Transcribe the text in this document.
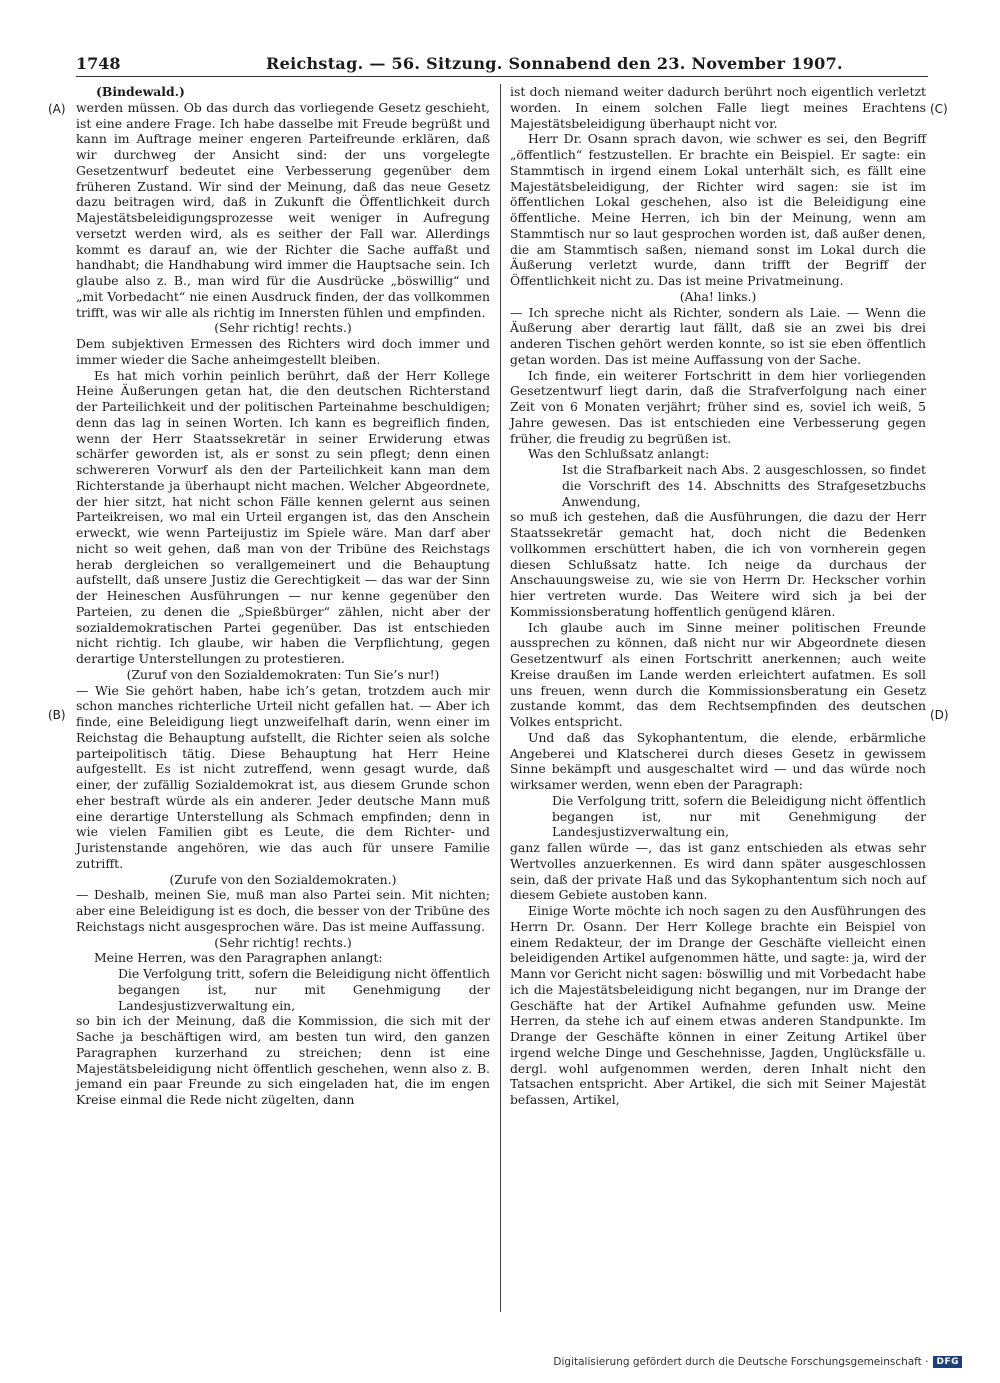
1748	Reichstag. — 56. Sitzung. Sonnabend den 23. November 1907.
(A)
(B)
(C)
(D)

(Bindewald.)

werden müssen. Ob das durch das vorliegende Gesetz geschieht, ist eine andere Frage. Ich habe dasselbe mit Freude begrüßt und kann im Auftrage meiner engeren Parteifreunde erklären, daß wir durchweg der Ansicht sind: der uns vorgelegte Gesetzentwurf bedeutet eine Verbesserung gegenüber dem früheren Zustand. Wir sind der Meinung, daß das neue Gesetz dazu beitragen wird, daß in Zukunft die Öffentlichkeit durch Majestätsbeleidigungsprozesse weit weniger in Aufregung versetzt werden wird, als es seither der Fall war. Allerdings kommt es darauf an, wie der Richter die Sache auffaßt und handhabt; die Handhabung wird immer die Hauptsache sein. Ich glaube also z. B., man wird für die Ausdrücke „böswillig“ und „mit Vorbedacht“ nie einen Ausdruck finden, der das vollkommen trifft, was wir alle als richtig im Innersten fühlen und empfinden.

(Sehr richtig! rechts.)

Dem subjektiven Ermessen des Richters wird doch immer und immer wieder die Sache anheimgestellt bleiben.

Es hat mich vorhin peinlich berührt, daß der Herr Kollege Heine Äußerungen getan hat, die den deutschen Richterstand der Parteilichkeit und der politischen Parteinahme beschuldigen; denn das lag in seinen Worten. Ich kann es begreiflich finden, wenn der Herr Staatssekretär in seiner Erwiderung etwas schärfer geworden ist, als er sonst zu sein pflegt; denn einen schwereren Vorwurf als den der Parteilichkeit kann man dem Richterstande ja überhaupt nicht machen. Welcher Abgeordnete, der hier sitzt, hat nicht schon Fälle kennen gelernt aus seinen Parteikreisen, wo mal ein Urteil ergangen ist, das den Anschein erweckt, wie wenn Parteijustiz im Spiele wäre. Man darf aber nicht so weit gehen, daß man von der Tribüne des Reichstags herab dergleichen so verallgemeinert und die Behauptung aufstellt, daß unsere Justiz die Gerechtigkeit — das war der Sinn der Heineschen Ausführungen — nur kenne gegenüber den Parteien, zu denen die „Spießbürger“ zählen, nicht aber der sozialdemokratischen Partei gegenüber. Das ist entschieden nicht richtig. Ich glaube, wir haben die Verpflichtung, gegen derartige Unterstellungen zu protestieren.

(Zuruf von den Sozialdemokraten: Tun Sie’s nur!)

— Wie Sie gehört haben, habe ich’s getan, trotzdem auch mir schon manches richterliche Urteil nicht gefallen hat. — Aber ich finde, eine Beleidigung liegt unzweifelhaft darin, wenn einer im Reichstag die Behauptung aufstellt, die Richter seien als solche parteipolitisch tätig. Diese Behauptung hat Herr Heine aufgestellt. Es ist nicht zutreffend, wenn gesagt wurde, daß einer, der zufällig Sozialdemokrat ist, aus diesem Grunde schon eher bestraft würde als ein anderer. Jeder deutsche Mann muß eine derartige Unterstellung als Schmach empfinden; denn in wie vielen Familien gibt es Leute, die dem Richter- und Juristenstande angehören, wie das auch für unsere Familie zutrifft.

(Zurufe von den Sozialdemokraten.)

— Deshalb, meinen Sie, muß man also Partei sein. Mit nichten; aber eine Beleidigung ist es doch, die besser von der Tribüne des Reichstags nicht ausgesprochen wäre. Das ist meine Auffassung.

(Sehr richtig! rechts.)

Meine Herren, was den Paragraphen anlangt:

Die Verfolgung tritt, sofern die Beleidigung nicht öffentlich begangen ist, nur mit Genehmigung der Landesjustizverwaltung ein,

so bin ich der Meinung, daß die Kommission, die sich mit der Sache ja beschäftigen wird, am besten tun wird, den ganzen Paragraphen kurzerhand zu streichen; denn ist eine Majestätsbeleidigung nicht öffentlich geschehen, wenn also z. B. jemand ein paar Freunde zu sich eingeladen hat, die im engen Kreise einmal die Rede nicht zügelten, dann

ist doch niemand weiter dadurch berührt noch eigentlich verletzt worden. In einem solchen Falle liegt meines Erachtens Majestätsbeleidigung überhaupt nicht vor.

Herr Dr. Osann sprach davon, wie schwer es sei, den Begriff „öffentlich“ festzustellen. Er brachte ein Beispiel. Er sagte: ein Stammtisch in irgend einem Lokal unterhält sich, es fällt eine Majestätsbeleidigung, der Richter wird sagen: sie ist im öffentlichen Lokal geschehen, also ist die Beleidigung eine öffentliche. Meine Herren, ich bin der Meinung, wenn am Stammtisch nur so laut gesprochen worden ist, daß außer denen, die am Stammtisch saßen, niemand sonst im Lokal durch die Äußerung verletzt wurde, dann trifft der Begriff der Öffentlichkeit nicht zu. Das ist meine Privatmeinung.

(Aha! links.)

— Ich spreche nicht als Richter, sondern als Laie. — Wenn die Äußerung aber derartig laut fällt, daß sie an zwei bis drei anderen Tischen gehört werden konnte, so ist sie eben öffentlich getan worden. Das ist meine Auffassung von der Sache.

Ich finde, ein weiterer Fortschritt in dem hier vorliegenden Gesetzentwurf liegt darin, daß die Strafverfolgung nach einer Zeit von 6 Monaten verjährt; früher sind es, soviel ich weiß, 5 Jahre gewesen. Das ist entschieden eine Verbesserung gegen früher, die freudig zu begrüßen ist.

Was den Schlußsatz anlangt:

Ist die Strafbarkeit nach Abs. 2 ausgeschlossen, so findet die Vorschrift des 14. Abschnitts des Strafgesetzbuchs Anwendung,

so muß ich gestehen, daß die Ausführungen, die dazu der Herr Staatssekretär gemacht hat, doch nicht die Bedenken vollkommen erschüttert haben, die ich von vornherein gegen diesen Schlußsatz hatte. Ich neige da durchaus der Anschauungsweise zu, wie sie von Herrn Dr. Heckscher vorhin hier vertreten wurde. Das Weitere wird sich ja bei der Kommissionsberatung hoffentlich genügend klären.

Ich glaube auch im Sinne meiner politischen Freunde aussprechen zu können, daß nicht nur wir Abgeordnete diesen Gesetzentwurf als einen Fortschritt anerkennen; auch weite Kreise draußen im Lande werden erleichtert aufatmen. Es soll uns freuen, wenn durch die Kommissionsberatung ein Gesetz zustande kommt, das dem Rechtsempfinden des deutschen Volkes entspricht.

Und daß das Sykophantentum, die elende, erbärmliche Angeberei und Klatscherei durch dieses Gesetz in gewissem Sinne bekämpft und ausgeschaltet wird — und das würde noch wirksamer werden, wenn eben der Paragraph:

Die Verfolgung tritt, sofern die Beleidigung nicht öffentlich begangen ist, nur mit Genehmigung der Landesjustizverwaltung ein,

ganz fallen würde —, das ist ganz entschieden als etwas sehr Wertvolles anzuerkennen. Es wird dann später ausgeschlossen sein, daß der private Haß und das Sykophantentum sich noch auf diesem Gebiete austoben kann.

Einige Worte möchte ich noch sagen zu den Ausführungen des Herrn Dr. Osann. Der Herr Kollege brachte ein Beispiel von einem Redakteur, der im Drange der Geschäfte vielleicht einen beleidigenden Artikel aufgenommen hätte, und sagte: ja, wird der Mann vor Gericht nicht sagen: böswillig und mit Vorbedacht habe ich die Majestätsbeleidigung nicht begangen, nur im Drange der Geschäfte hat der Artikel Aufnahme gefunden usw. Meine Herren, da stehe ich auf einem etwas anderen Standpunkte. Im Drange der Geschäfte können in einer Zeitung Artikel über irgend welche Dinge und Geschehnisse, Jagden, Unglücksfälle u. dergl. wohl aufgenommen werden, deren Inhalt nicht den Tatsachen entspricht. Aber Artikel, die sich mit Seiner Majestät befassen, Artikel,

Digitalisierung gefördert durch die Deutsche Forschungsgemeinschaft · DFG
